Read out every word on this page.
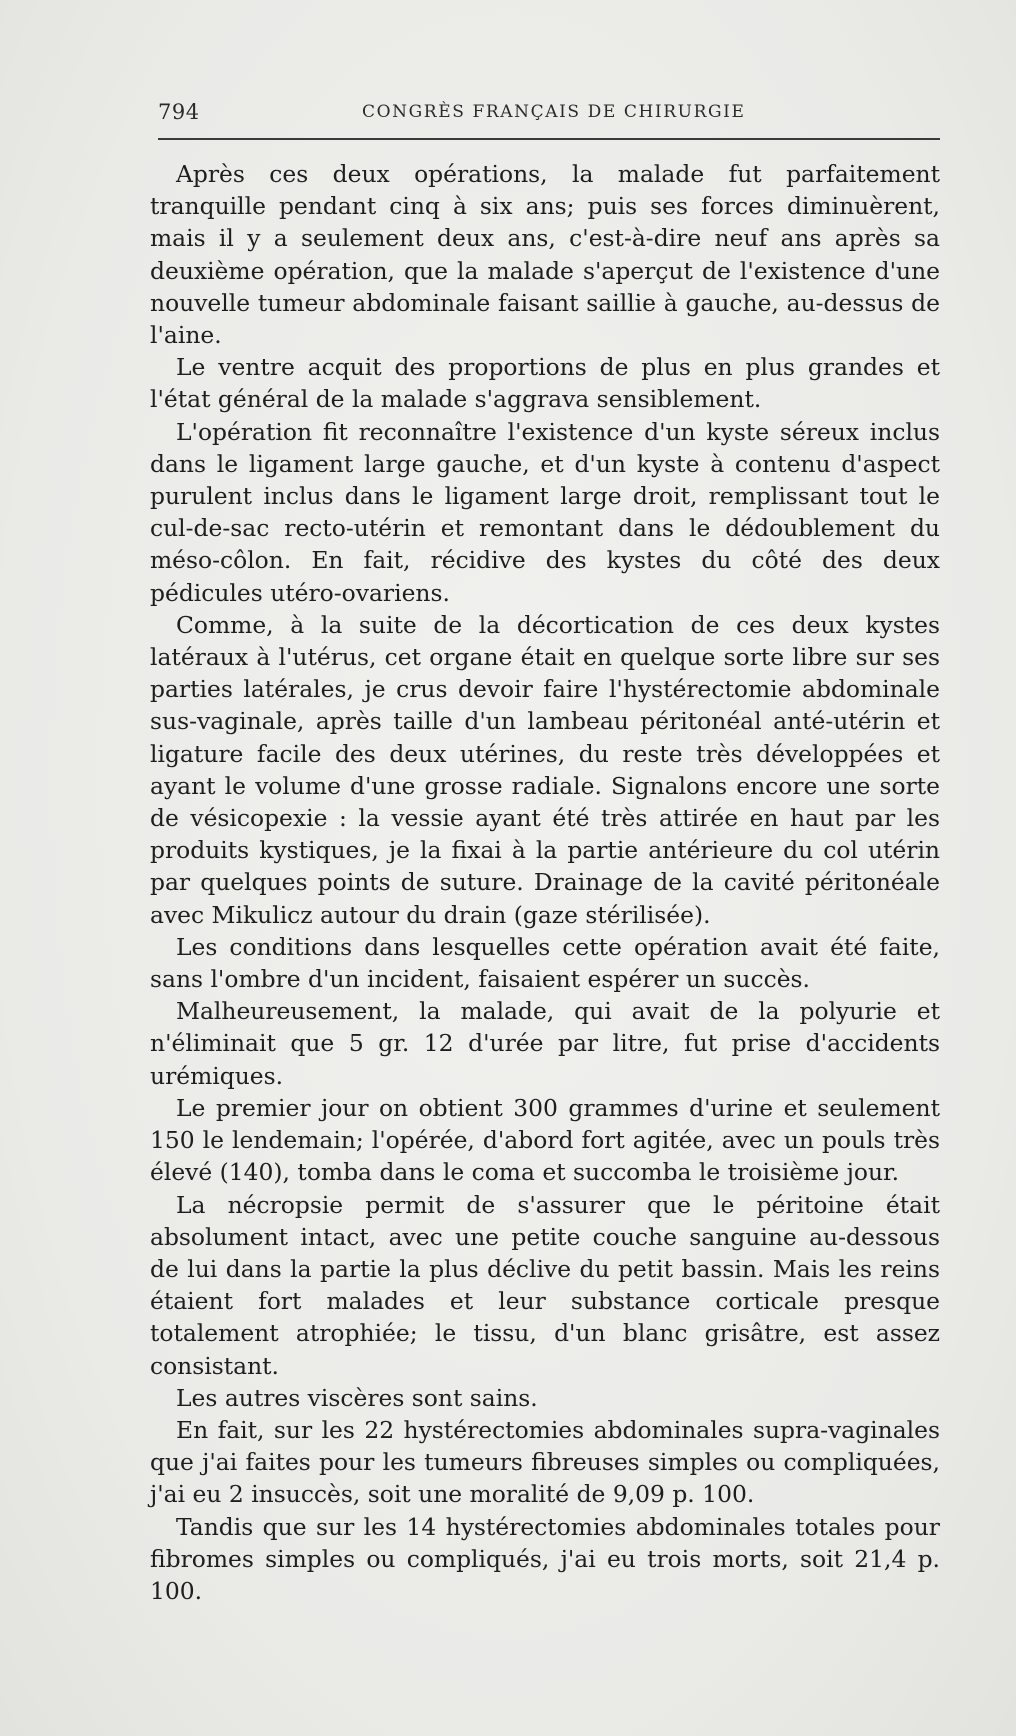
794	CONGRÈS FRANÇAIS DE CHIRURGIE

Après ces deux opérations, la malade fut parfaitement tranquille pendant cinq à six ans; puis ses forces diminuèrent, mais il y a seulement deux ans, c'est-à-dire neuf ans après sa deuxième opération, que la malade s'aperçut de l'existence d'une nouvelle tumeur abdominale faisant saillie à gauche, au-dessus de l'aine.

Le ventre acquit des proportions de plus en plus grandes et l'état général de la malade s'aggrava sensiblement.

L'opération fit reconnaître l'existence d'un kyste séreux inclus dans le ligament large gauche, et d'un kyste à contenu d'aspect purulent inclus dans le ligament large droit, remplissant tout le cul-de-sac recto-utérin et remontant dans le dédoublement du méso-côlon. En fait, récidive des kystes du côté des deux pédicules utéro-ovariens.

Comme, à la suite de la décortication de ces deux kystes latéraux à l'utérus, cet organe était en quelque sorte libre sur ses parties latérales, je crus devoir faire l'hystérectomie abdominale sus-vaginale, après taille d'un lambeau péritonéal anté-utérin et ligature facile des deux utérines, du reste très développées et ayant le volume d'une grosse radiale. Signalons encore une sorte de vésicopexie : la vessie ayant été très attirée en haut par les produits kystiques, je la fixai à la partie antérieure du col utérin par quelques points de suture. Drainage de la cavité péritonéale avec Mikulicz autour du drain (gaze stérilisée).

Les conditions dans lesquelles cette opération avait été faite, sans l'ombre d'un incident, faisaient espérer un succès.

Malheureusement, la malade, qui avait de la polyurie et n'éliminait que 5 gr. 12 d'urée par litre, fut prise d'accidents urémiques.

Le premier jour on obtient 300 grammes d'urine et seulement 150 le lendemain; l'opérée, d'abord fort agitée, avec un pouls très élevé (140), tomba dans le coma et succomba le troisième jour.

La nécropsie permit de s'assurer que le péritoine était absolument intact, avec une petite couche sanguine au-dessous de lui dans la partie la plus déclive du petit bassin. Mais les reins étaient fort malades et leur substance corticale presque totalement atrophiée; le tissu, d'un blanc grisâtre, est assez consistant.

Les autres viscères sont sains.

En fait, sur les 22 hystérectomies abdominales supra-vaginales que j'ai faites pour les tumeurs fibreuses simples ou compliquées, j'ai eu 2 insuccès, soit une moralité de 9,09 p. 100.

Tandis que sur les 14 hystérectomies abdominales totales pour fibromes simples ou compliqués, j'ai eu trois morts, soit 21,4 p. 100.
